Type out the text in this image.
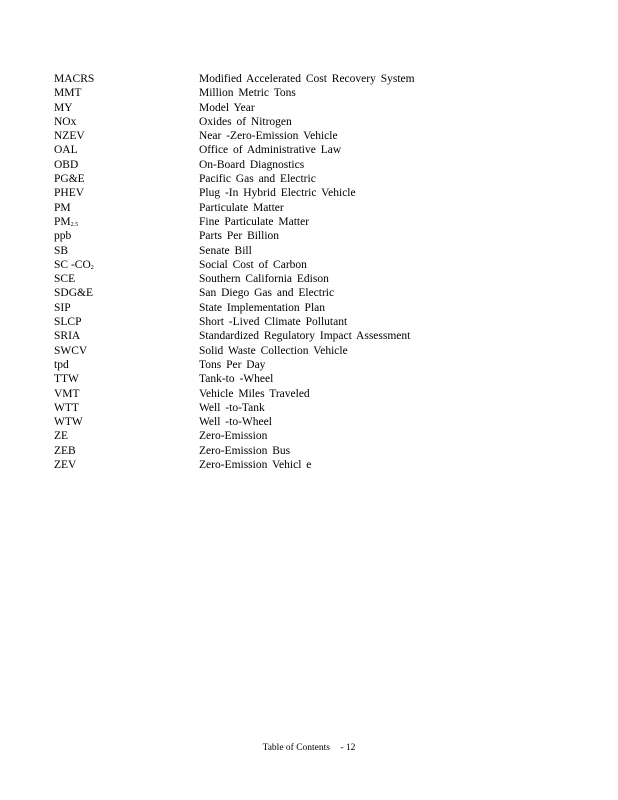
MACRS	Modified Accelerated Cost Recovery System
MMT	Million Metric Tons
MY	Model Year
NOx	Oxides of Nitrogen
NZEV	Near -Zero-Emission Vehicle
OAL	Office of Administrative Law
OBD	On-Board Diagnostics
PG&E	Pacific Gas and Electric
PHEV	Plug -In Hybrid Electric Vehicle
PM	Particulate Matter
$PM_{2.5}$	Fine Particulate Matter
ppb	Parts Per Billion
SB	Senate Bill
SC $-CO_2$	Social Cost of Carbon
SCE	Southern California Edison
SDG&E	San Diego Gas and Electric
SIP	State Implementation Plan
SLCP	Short -Lived Climate Pollutant
SRIA	Standardized Regulatory Impact Assessment
SWCV	Solid Waste Collection Vehicle
tpd	Tons Per Day
TTW	Tank-to -Wheel
VMT	Vehicle Miles Traveled
WTT	Well -to-Tank
WTW	Well -to-Wheel
ZE	Zero-Emission
ZEB	Zero-Emission Bus
ZEV	Zero-Emission Vehicl e
Table of Contents - 12
